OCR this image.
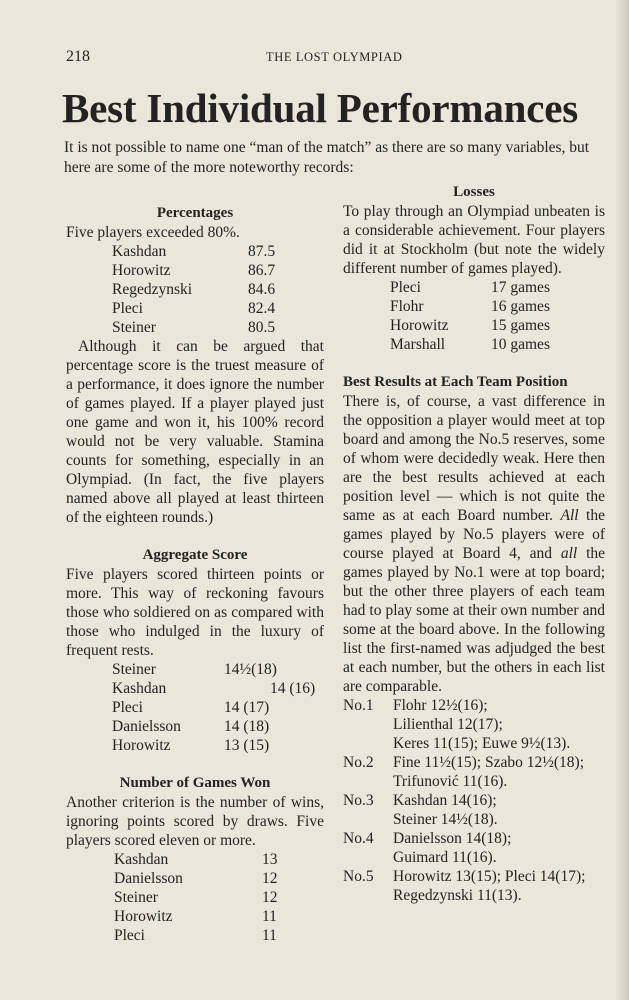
218	THE LOST OLYMPIAD
Best Individual Performances

It is not possible to name one “man of the match” as there are so many variables, but here are some of the more noteworthy records:

Percentages

Five players exceeded 80%.

Kashdan	87.5
Horowitz	86.7
Regedzynski	84.6
Pleci	82.4
Steiner	80.5

Although it can be argued that percentage score is the truest measure of a performance, it does ignore the number of games played. If a player played just one game and won it, his 100% record would not be very valuable. Stamina counts for something, especially in an Olympiad. (In fact, the five players named above all played at least thirteen of the eighteen rounds.)

Aggregate Score

Five players scored thirteen points or more. This way of reckoning favours those who soldiered on as compared with those who indulged in the luxury of frequent rests.

Steiner	14½(18)
Kashdan	14 (16)
Pleci	14 (17)
Danielsson	14 (18)
Horowitz	13 (15)
Number of Games Won

Another criterion is the number of wins, ignoring points scored by draws. Five players scored eleven or more.

Kashdan	13
Danielsson	12
Steiner	12
Horowitz	11
Pleci	11
Losses

To play through an Olympiad unbeaten is a considerable achievement. Four players did it at Stockholm (but note the widely different number of games played).

Pleci	17 games
Flohr	16 games
Horowitz	15 games
Marshall	10 games
Best Results at Each Team Position

There is, of course, a vast difference in the opposition a player would meet at top board and among the No.5 reserves, some of whom were decidedly weak. Here then are the best results achieved at each position level — which is not quite the same as at each Board number. All the games played by No.5 players were of course played at Board 4, and all the games played by No.1 were at top board; but the other three players of each team had to play some at their own number and some at the board above. In the following list the first-named was adjudged the best at each number, but the others in each list are comparable.

No.1 Flohr 12½(16);
Lilienthal 12(17);
Keres 11(15); Euwe 9½(13).
No.2 Fine 11½(15); Szabo 12½(18);
Trifunović 11(16).
No.3 Kashdan 14(16);
Steiner 14½(18).
No.4 Danielsson 14(18);
Guimard 11(16).
No.5 Horowitz 13(15); Pleci 14(17);
Regedzynski 11(13).
